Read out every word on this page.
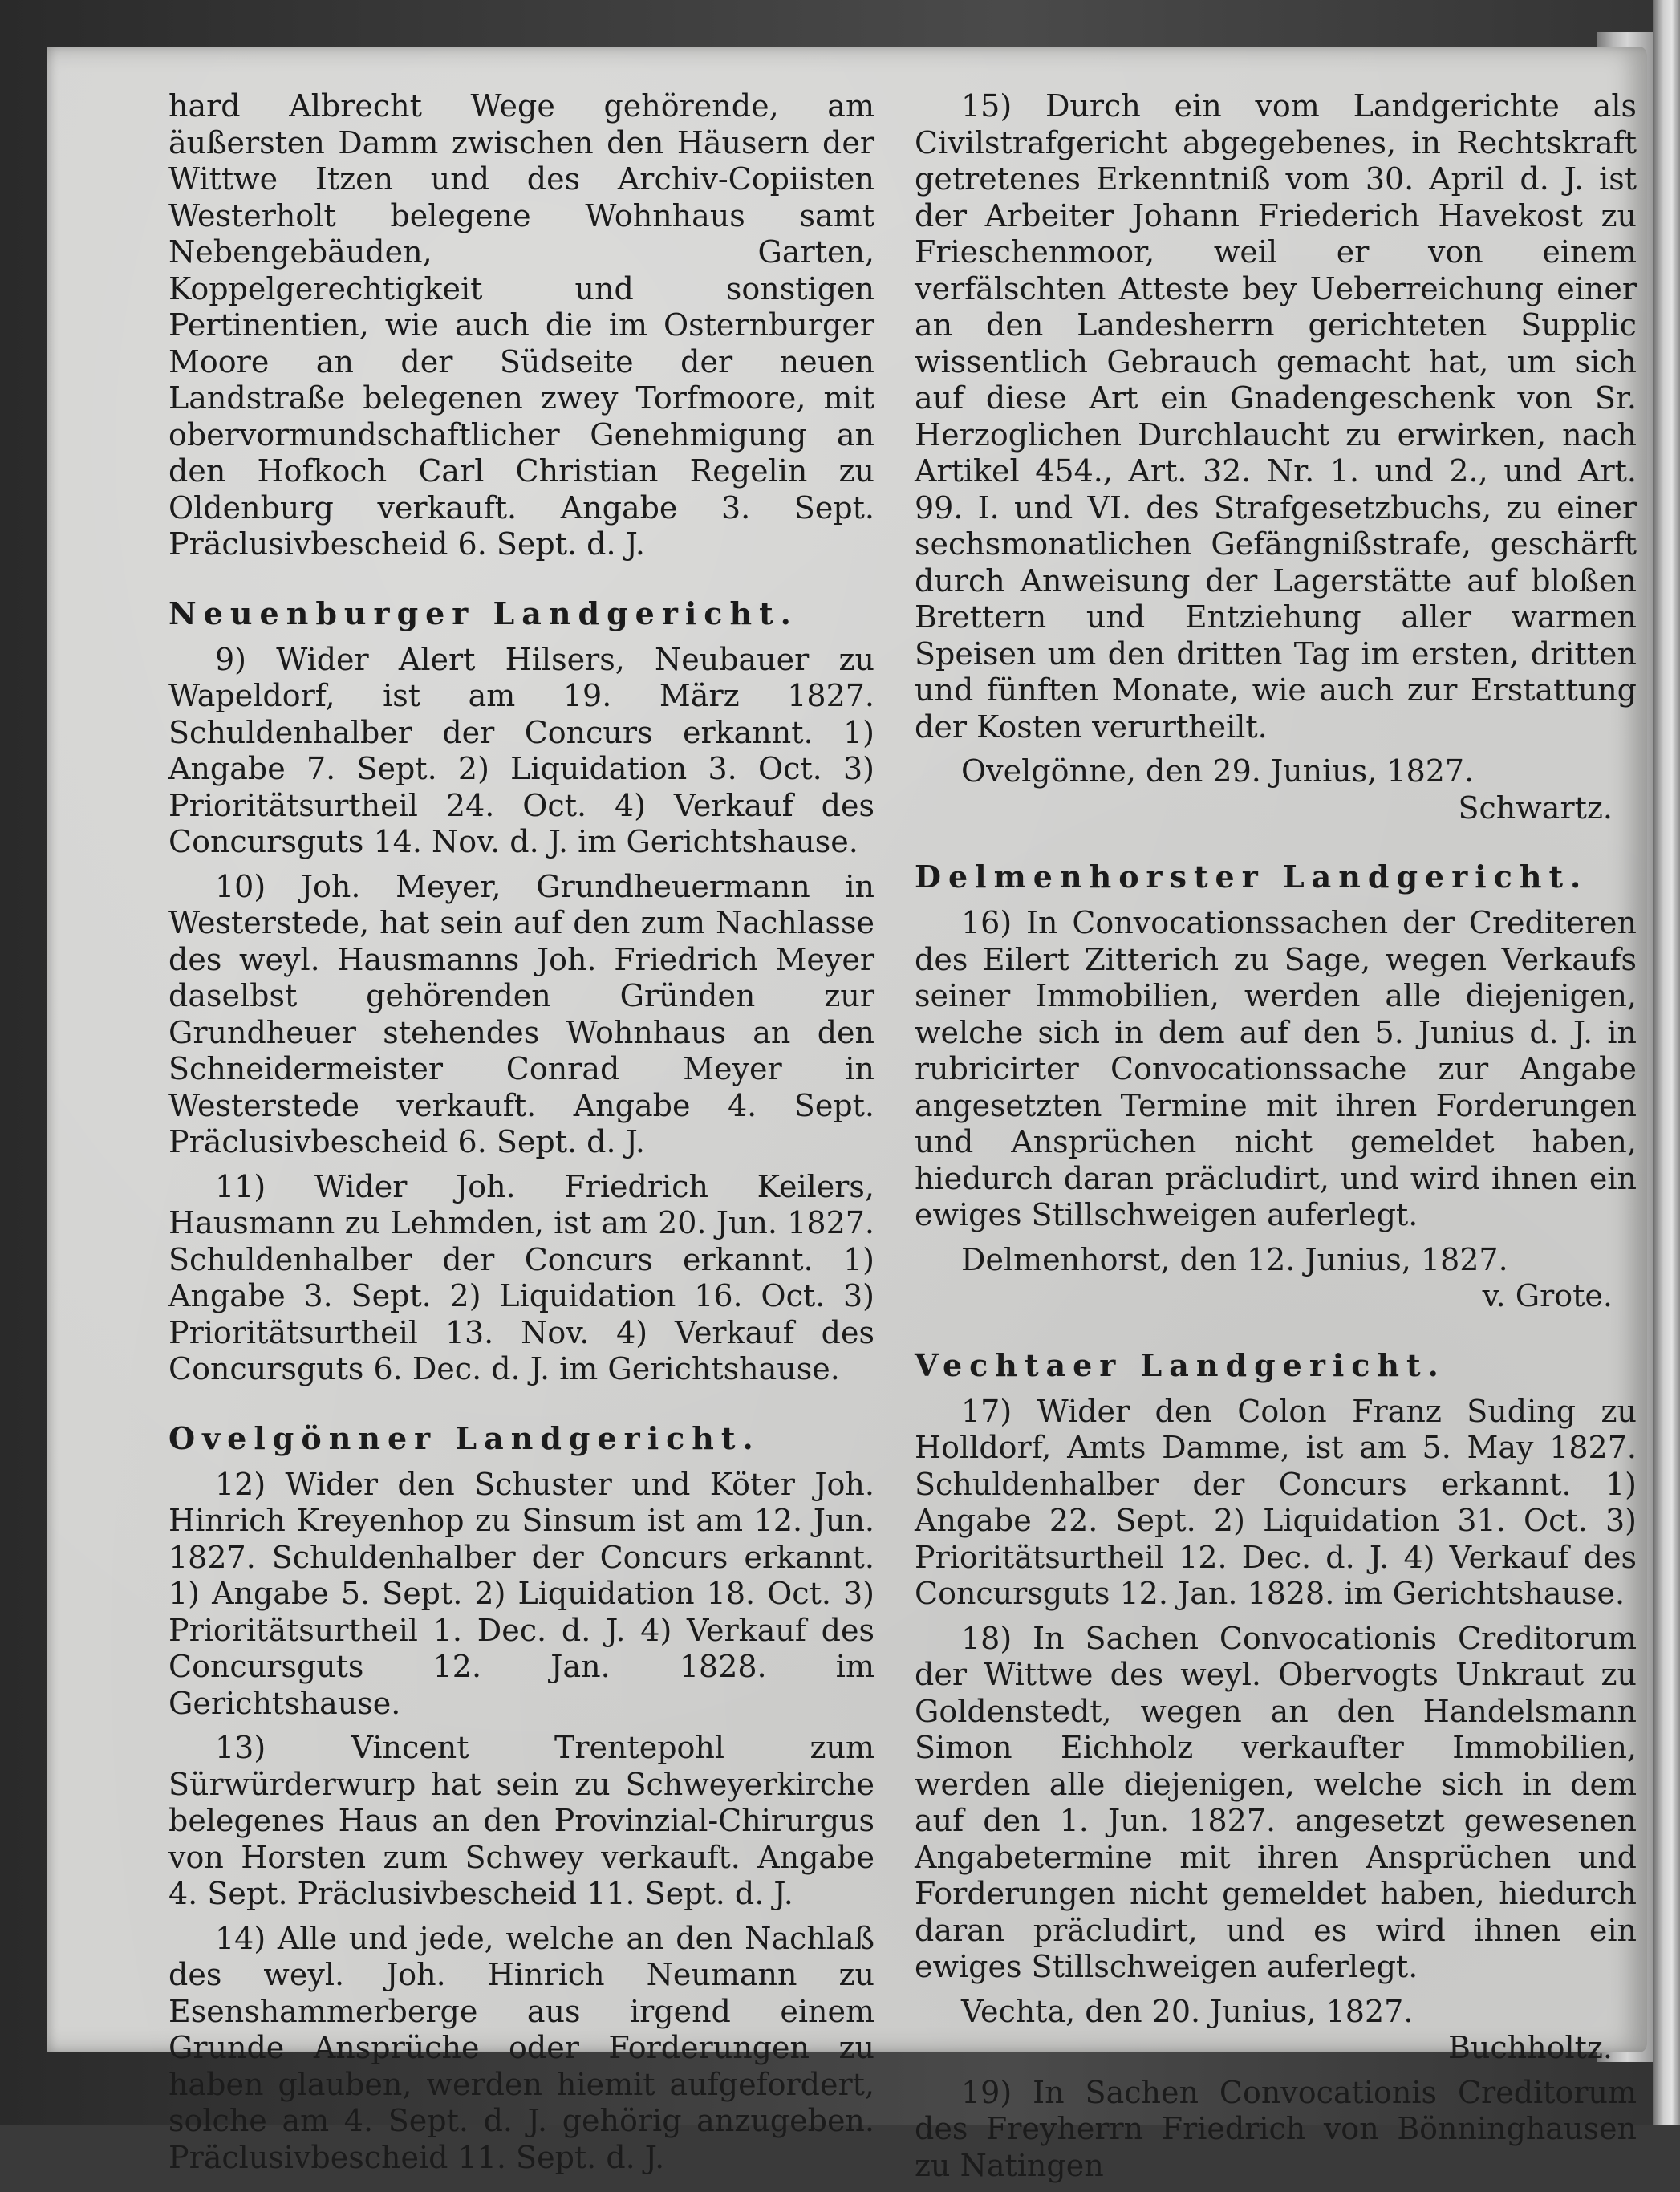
hard Albrecht Wege gehörende, am äußersten Damm zwischen den Häusern der Wittwe Itzen und des Archiv-Copiisten Westerholt belegene Wohnhaus samt Nebengebäuden, Garten, Koppelgerechtigkeit und sonstigen Pertinentien, wie auch die im Osternburger Moore an der Südseite der neuen Landstraße belegenen zwey Torfmoore, mit obervormundschaftlicher Genehmigung an den Hofkoch Carl Christian Regelin zu Oldenburg verkauft. Angabe 3. Sept. Präclusivbescheid 6. Sept. d. J.

Neuenburger Landgericht.

9) Wider Alert Hilsers, Neubauer zu Wapeldorf, ist am 19. März 1827. Schuldenhalber der Concurs erkannt. 1) Angabe 7. Sept. 2) Liquidation 3. Oct. 3) Prioritätsurtheil 24. Oct. 4) Verkauf des Concursguts 14. Nov. d. J. im Gerichtshause.

10) Joh. Meyer, Grundheuermann in Westerstede, hat sein auf den zum Nachlasse des weyl. Hausmanns Joh. Friedrich Meyer daselbst gehörenden Gründen zur Grundheuer stehendes Wohnhaus an den Schneidermeister Conrad Meyer in Westerstede verkauft. Angabe 4. Sept. Präclusivbescheid 6. Sept. d. J.

11) Wider Joh. Friedrich Keilers, Hausmann zu Lehmden, ist am 20. Jun. 1827. Schuldenhalber der Concurs erkannt. 1) Angabe 3. Sept. 2) Liquidation 16. Oct. 3) Prioritätsurtheil 13. Nov. 4) Verkauf des Concursguts 6. Dec. d. J. im Gerichtshause.

Ovelgönner Landgericht.

12) Wider den Schuster und Köter Joh. Hinrich Kreyenhop zu Sinsum ist am 12. Jun. 1827. Schuldenhalber der Concurs erkannt. 1) Angabe 5. Sept. 2) Liquidation 18. Oct. 3) Prioritätsurtheil 1. Dec. d. J. 4) Verkauf des Concursguts 12. Jan. 1828. im Gerichtshause.

13) Vincent Trentepohl zum Sürwürderwurp hat sein zu Schweyerkirche belegenes Haus an den Provinzial-Chirurgus von Horsten zum Schwey verkauft. Angabe 4. Sept. Präclusivbescheid 11. Sept. d. J.

14) Alle und jede, welche an den Nachlaß des weyl. Joh. Hinrich Neumann zu Esenshammerberge aus irgend einem Grunde Ansprüche oder Forderungen zu haben glauben, werden hiemit aufgefordert, solche am 4. Sept. d. J. gehörig anzugeben. Präclusivbescheid 11. Sept. d. J.

15) Durch ein vom Landgerichte als Civilstrafgericht abgegebenes, in Rechtskraft getretenes Erkenntniß vom 30. April d. J. ist der Arbeiter Johann Friederich Havekost zu Frieschenmoor, weil er von einem verfälschten Atteste bey Ueberreichung einer an den Landesherrn gerichteten Supplic wissentlich Gebrauch gemacht hat, um sich auf diese Art ein Gnadengeschenk von Sr. Herzoglichen Durchlaucht zu erwirken, nach Artikel 454., Art. 32. Nr. 1. und 2., und Art. 99. I. und VI. des Strafgesetzbuchs, zu einer sechsmonatlichen Gefängnißstrafe, geschärft durch Anweisung der Lagerstätte auf bloßen Brettern und Entziehung aller warmen Speisen um den dritten Tag im ersten, dritten und fünften Monate, wie auch zur Erstattung der Kosten verurtheilt.

Ovelgönne, den 29. Junius, 1827.

Schwartz.

Delmenhorster Landgericht.

16) In Convocationssachen der Crediteren des Eilert Zitterich zu Sage, wegen Verkaufs seiner Immobilien, werden alle diejenigen, welche sich in dem auf den 5. Junius d. J. in rubricirter Convocationssache zur Angabe angesetzten Termine mit ihren Forderungen und Ansprüchen nicht gemeldet haben, hiedurch daran präcludirt, und wird ihnen ein ewiges Stillschweigen auferlegt.

Delmenhorst, den 12. Junius, 1827.

v. Grote.

Vechtaer Landgericht.

17) Wider den Colon Franz Suding zu Holldorf, Amts Damme, ist am 5. May 1827. Schuldenhalber der Concurs erkannt. 1) Angabe 22. Sept. 2) Liquidation 31. Oct. 3) Prioritätsurtheil 12. Dec. d. J. 4) Verkauf des Concursguts 12. Jan. 1828. im Gerichtshause.

18) In Sachen Convocationis Creditorum der Wittwe des weyl. Obervogts Unkraut zu Goldenstedt, wegen an den Handelsmann Simon Eichholz verkaufter Immobilien, werden alle diejenigen, welche sich in dem auf den 1. Jun. 1827. angesetzt gewesenen Angabetermine mit ihren Ansprüchen und Forderungen nicht gemeldet haben, hiedurch daran präcludirt, und es wird ihnen ein ewiges Stillschweigen auferlegt.

Vechta, den 20. Junius, 1827.

Buchholtz.

19) In Sachen Convocationis Creditorum des Freyherrn Friedrich von Bönninghausen zu Natingen
